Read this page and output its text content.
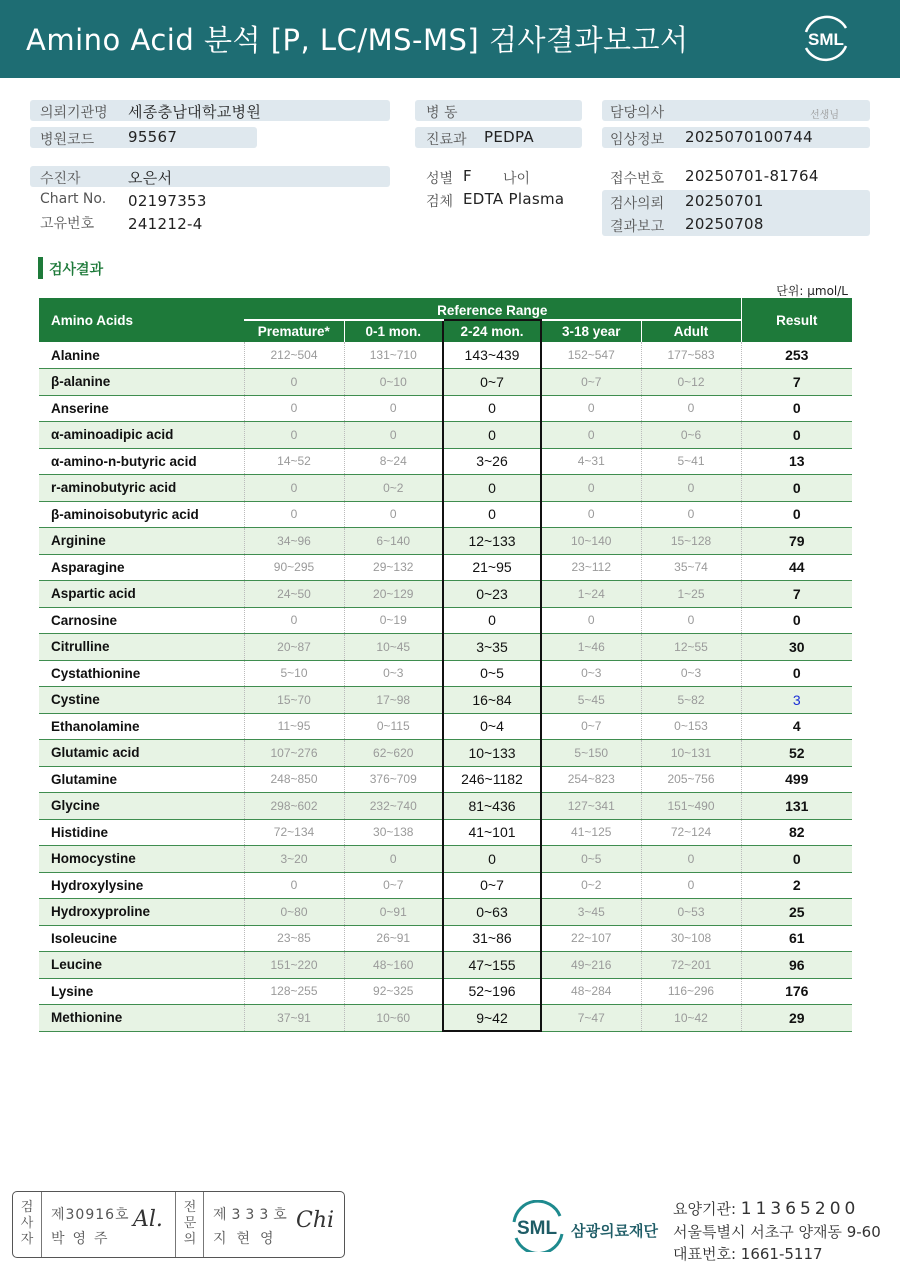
Amino Acid 분석 [P, LC/MS-MS] 검사결과보고서	SML
의뢰기관명 세종충남대학교병원
병원코드 95567
병 동
진료과 PEDPA
담당의사	선생님
임상정보 2025070100744
수진자	오은서
Chart No. 02197353
고유번호 241212-4
성별 F 나이
검체 EDTA Plasma
접수번호 20250701-81764
검사의뢰 20250701
결과보고 20250708
검사결과
단위: μmol/L
Amino Acids	Reference Range					Result
	Premature*	0-1 mon.	2-24 mon.	3-18 year	Adult	
Alanine	212~504	131~710	143~439	152~547	177~583	253
β-alanine	0	0~10	0~7	0~7	0~12	7
Anserine	0	0	0	0	0	0
α-aminoadipic acid	0	0	0	0	0~6	0
α-amino-n-butyric acid	14~52	8~24	3~26	4~31	5~41	13
r-aminobutyric acid	0	0~2	0	0	0	0
β-aminoisobutyric acid	0	0	0	0	0	0
Arginine	34~96	6~140	12~133	10~140	15~128	79
Asparagine	90~295	29~132	21~95	23~112	35~74	44
Aspartic acid	24~50	20~129	0~23	1~24	1~25	7
Carnosine	0	0~19	0	0	0	0
Citrulline	20~87	10~45	3~35	1~46	12~55	30
Cystathionine	5~10	0~3	0~5	0~3	0~3	0
Cystine	15~70	17~98	16~84	5~45	5~82	3
Ethanolamine	11~95	0~115	0~4	0~7	0~153	4
Glutamic acid	107~276	62~620	10~133	5~150	10~131	52
Glutamine	248~850	376~709	246~1182	254~823	205~756	499
Glycine	298~602	232~740	81~436	127~341	151~490	131
Histidine	72~134	30~138	41~101	41~125	72~124	82
Homocystine	3~20	0	0	0~5	0	0
Hydroxylysine	0	0~7	0~7	0~2	0	2
Hydroxyproline	0~80	0~91	0~63	3~45	0~53	25
Isoleucine	23~85	26~91	31~86	22~107	30~108	61
Leucine	151~220	48~160	47~155	49~216	72~201	96
Lysine	128~255	92~325	52~196	48~284	116~296	176
Methionine	37~91	10~60	9~42	7~47	10~42	29
검사자
제30916호
박영주
Al. 전문의
제333호
지현영
Chi	SML 삼광의료재단
요양기관: 11365200
서울특별시 서초구 양재동 9-60
대표번호: 1661-5117
